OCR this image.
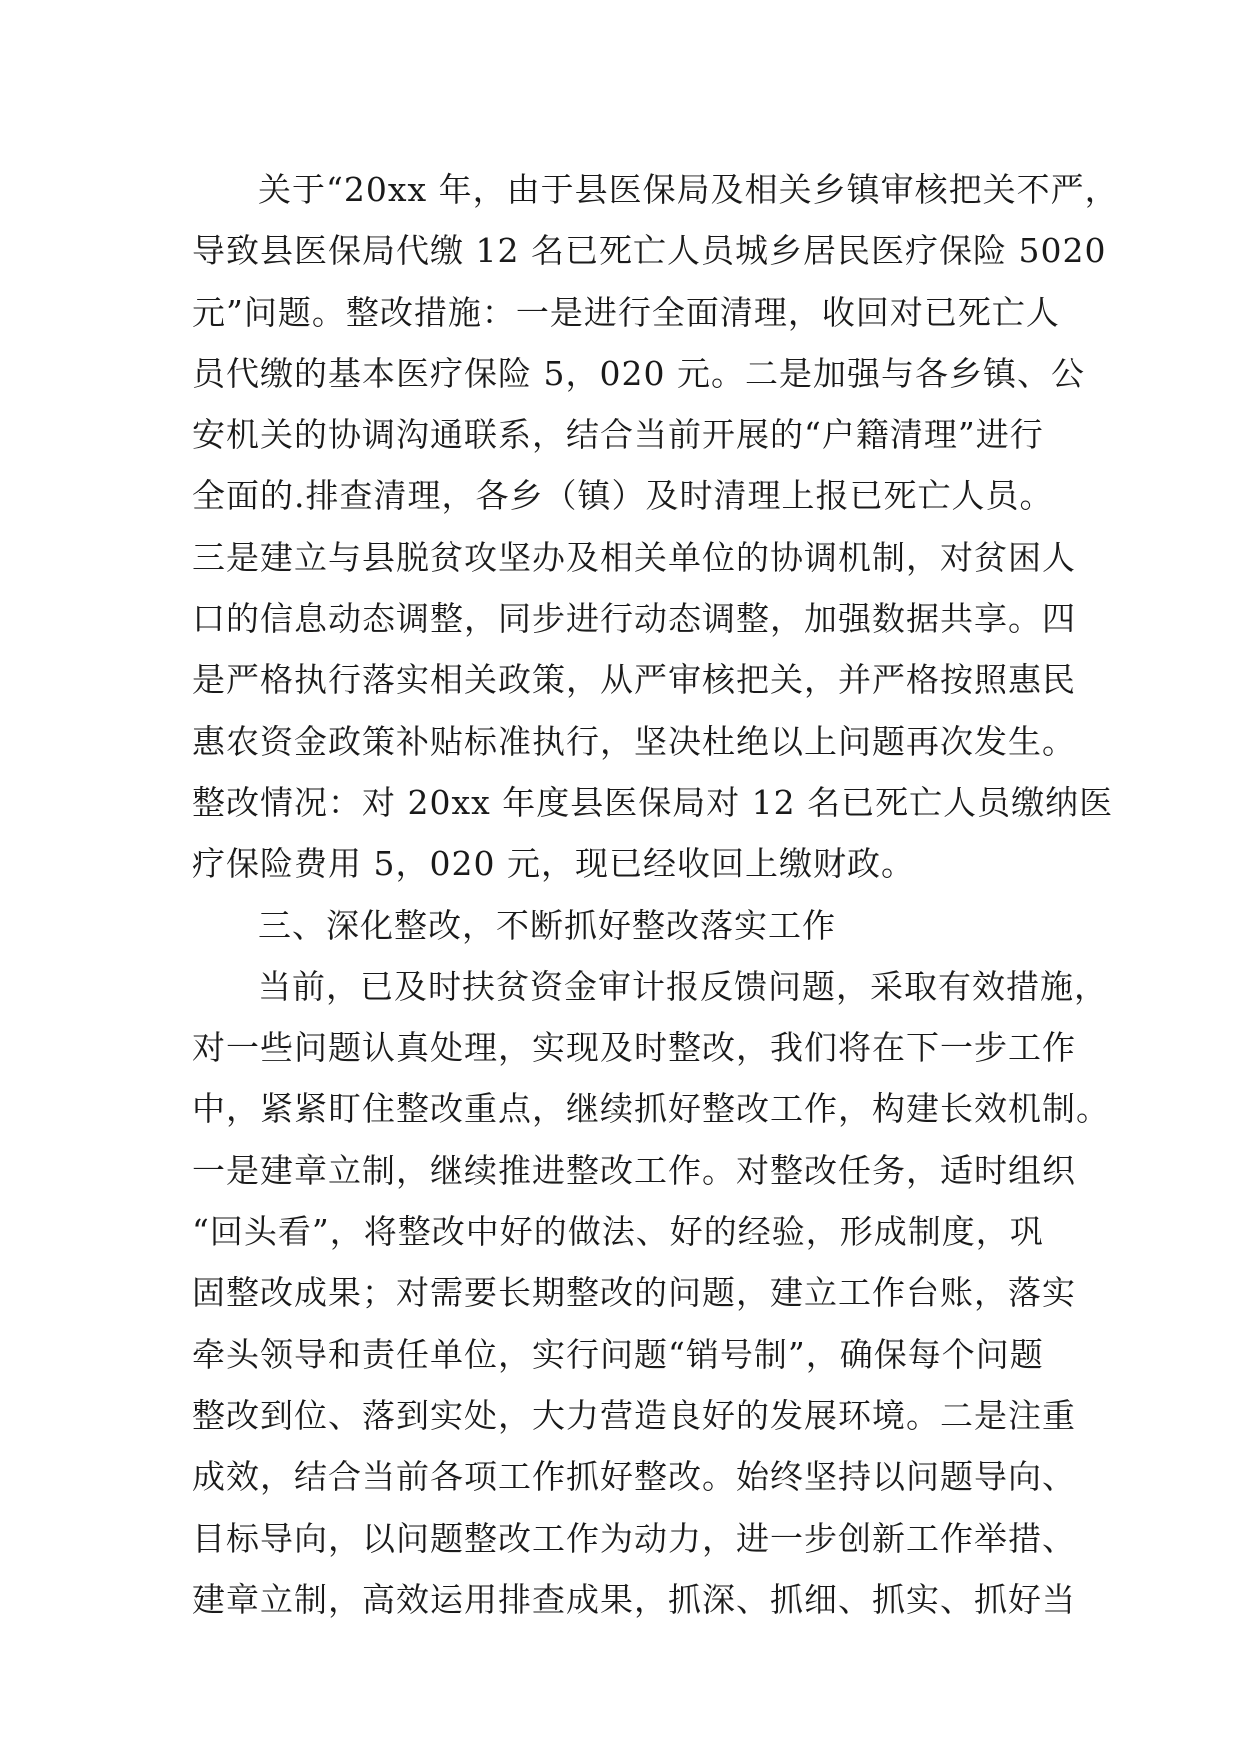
关于“20xx 年，由于县医保局及相关乡镇审核把关不严，
导致县医保局代缴 12 名已死亡人员城乡居民医疗保险 5020
元”问题。整改措施：一是进行全面清理，收回对已死亡人
员代缴的基本医疗保险 5，020 元。二是加强与各乡镇、公
安机关的协调沟通联系，结合当前开展的“户籍清理”进行
全面的.排查清理，各乡（镇）及时清理上报已死亡人员。
三是建立与县脱贫攻坚办及相关单位的协调机制，对贫困人
口的信息动态调整，同步进行动态调整，加强数据共享。四
是严格执行落实相关政策，从严审核把关，并严格按照惠民
惠农资金政策补贴标准执行，坚决杜绝以上问题再次发生。
整改情况：对 20xx 年度县医保局对 12 名已死亡人员缴纳医
疗保险费用 5，020 元，现已经收回上缴财政。
三、深化整改，不断抓好整改落实工作
当前，已及时扶贫资金审计报反馈问题，采取有效措施，
对一些问题认真处理，实现及时整改，我们将在下一步工作
中，紧紧盯住整改重点，继续抓好整改工作，构建长效机制。
一是建章立制，继续推进整改工作。对整改任务，适时组织
“回头看”，将整改中好的做法、好的经验，形成制度，巩
固整改成果；对需要长期整改的问题，建立工作台账，落实
牵头领导和责任单位，实行问题“销号制”，确保每个问题
整改到位、落到实处，大力营造良好的发展环境。二是注重
成效，结合当前各项工作抓好整改。始终坚持以问题导向、
目标导向，以问题整改工作为动力，进一步创新工作举措、
建章立制，高效运用排查成果，抓深、抓细、抓实、抓好当
